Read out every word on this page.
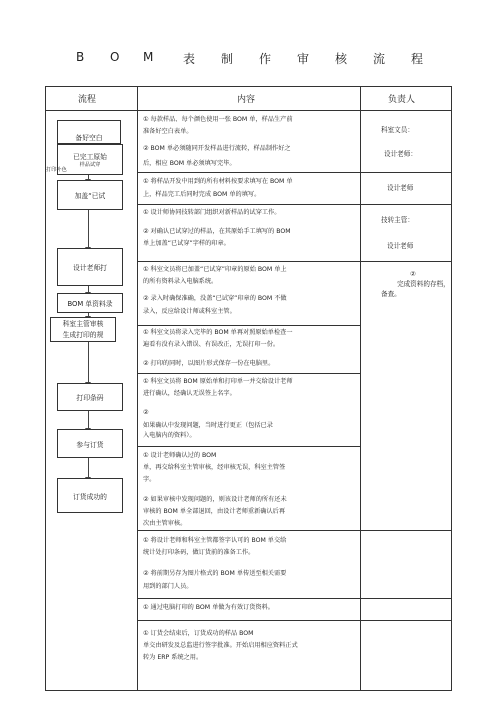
B O M 表 制 作 审 核 流 程
流程	内容	负责人
备好空白
已完工原始
样品试穿
打印补色
加盖“已试
设计老师打
BOM 单资料录
科室主管审核
生成打印的规
打印条码
参与订货
订货成功的
① 每款样品、每个颜色使用一张 BOM 单，样品生产前
准备好空白表单。
② BOM 单必须随同开发样品进行流转，样品制作好之
后，相应 BOM 单必须填写完毕。
① 将样品开发中用到的所有材料按要求填写在 BOM 单
上，样品完工后同时完成 BOM 单的填写。
① 设计师协同技转部门组织对新样品的试穿工作。
② 对确认已试穿过的样品，在其原始手工填写的 BOM
单上加盖“已试穿”字样的印章。
① 科室文员将已加盖“已试穿”印章的原始 BOM 单上
的所有资料录入电脑系统。
② 录入时确保准确，没盖“已试穿”印章的 BOM 不做
录入，反应给设计师或科室主管。
① 科室文员将录入完毕的 BOM 单再对照原始单检查一
遍看有没有录入错误、有误改正，无误打印一份。
② 打印的同时，以图片形式保存一份在电脑里。
① 科室文员将 BOM 原始单和打印单一并交给设计老师
进行确认，经确认无误签上名字。
②
如果确认中发现问题，当时进行更正（包括已录
入电脑内的资料）。
① 设计老师确认过的 BOM
单，再交给科室主管审核，经审核无误，科室主管签
字。
② 如果审核中发现问题的，则该设计老师的所有还未
审核的 BOM 单全部退回，由设计老师重新确认后再
次由主管审核。
① 将设计老师和科室主管都签字认可的 BOM 单交给
统计处打印条码，做订货前的准备工作。
② 将前期另存为图片格式的 BOM 单传送至相关需要
用到的部门人员。
① 通过电脑打印的 BOM 单做为有效订货资料。
① 订货会结束后，订货成功的样品 BOM
单交由研发及总监进行签字批准。开始启用相应资料正式
转为 ERP 系统之用。
科室文员：
设计老师：
设计老师
技转主管：
设计老师
②
完成资料的存档，
备查。
